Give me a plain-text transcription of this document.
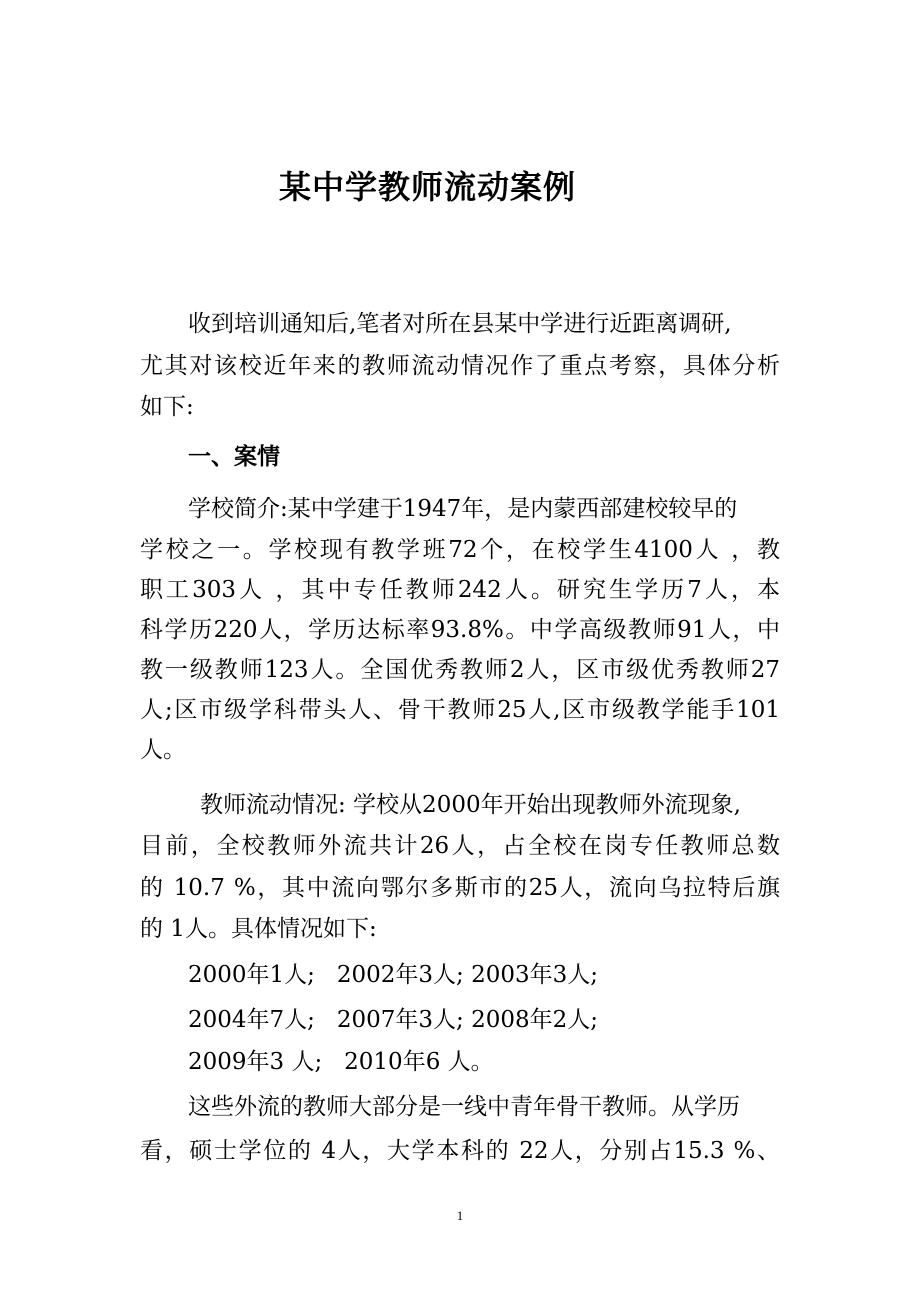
某中学教师流动案例
收到培训通知后,笔者对所在县某中学进行近距离调研,
尤其对该校近年来的教师流动情况作了重点考察，具体分析
如下:
一、案情
学校简介:某中学建于1947年，是内蒙西部建校较早的
学校之一。学校现有教学班72个，在校学生4100人 ，教
职工303人 ，其中专任教师242人。研究生学历7人，本
科学历220人，学历达标率93.8%。中学高级教师91人，中
教一级教师123人。全国优秀教师2人，区市级优秀教师27
人;区市级学科带头人、骨干教师25人,区市级教学能手101
人。
教师流动情况: 学校从2000年开始出现教师外流现象,
目前，全校教师外流共计26人，占全校在岗专任教师总数
的 10.7 %，其中流向鄂尔多斯市的25人，流向乌拉特后旗
的 1人。具体情况如下:
2000年1人;   2002年3人; 2003年3人;
2004年7人;   2007年3人; 2008年2人;
2009年3 人;   2010年6 人。
这些外流的教师大部分是一线中青年骨干教师。从学历
看，硕士学位的 4人，大学本科的 22人，分别占15.3 %、
1
